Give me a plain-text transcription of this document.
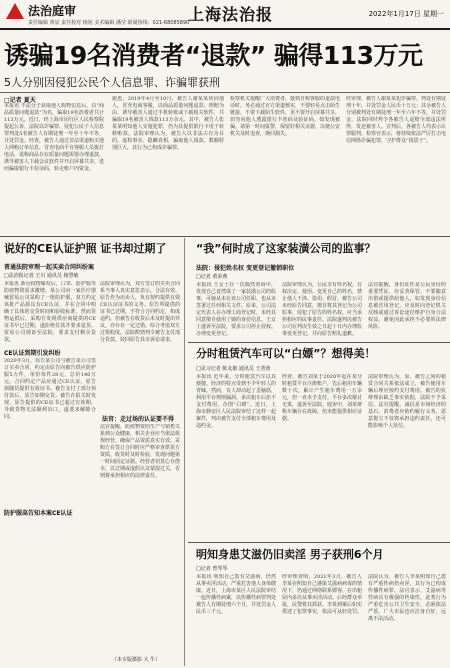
法治庭审
责任编辑 黄辰 责任校对 杨旭 美术编辑 潘莹 新闻热线：021-68085890
上海法治报	2022年1月17日 星期一
诱骗19名消费者“退款” 骗得113万元
5人分别因侵犯公民个人信息罪、诈骗罪获刑
□记者 夏天
本报讯 不法分子获取他人购物信息后，以“商品质量问题退款”为名，骗取19名消费者共计113万元。近日，经上海市闵行区人民检察院提起公诉，法院以诈骗罪、侵犯公民个人信息罪判处5名被告人有期徒刑一年至十年不等，并处罚金。经查，被告人通过非法渠道购买他人网购订单信息，冒充电商平台客服人员拨打电话，谎称商品存在质量问题需要办理退款，诱导被害人下载会议软件并开启屏幕共享，进而骗取银行卡验证码，转走账户内资金。
据悉，2019年4月至10月，被告人谢某某伙同他人，冒充电商客服，以商品质量问题退款、理赔为由，诱导被害人通过手机转账或下载相关软件，共骗取19名被害人钱款113万余元。其中，被告人张某某明知他人实施犯罪，仍为其提供银行卡用于转移赃款。法院审理认为，被告人以非法占有为目的，虚构事实、隐瞒真相，骗取他人钱款，数额特别巨大，其行为已构成诈骗罪。
检察机关提醒广大消费者，接到自称客服的退款电话时，务必通过官方渠道核实，不要轻易点击陌生链接，不要下载陌生软件，更不要开启屏幕共享，切勿向他人透露银行卡密码及验证码。如发现被骗，请第一时间报警，保留好相关证据，以便公安机关及时追查，挽回损失。
经审理，被告人谢某某犯诈骗罪，判处有期徒刑十年，并处罚金人民币十万元；其余被告人分别被判处有期徒刑一年至六年不等，并处罚金。法院同时判令各被告人退赔全部违法所得，发还被害人。宣判后，各被告人均表示认罪服判。检察官表示，将持续依法严厉打击电信网络诈骗犯罪，守护群众“钱袋子”。
说好的CE认证护照 证书却过期了
普通法院审理一起买卖合同纠纷案
□法治报记者 王川 通讯员 杨慧敏
本报讯 新冠疫情爆发后，口罩、防护服等防疫物资需求激增。某公司向一家医疗器械贸易公司采购了一批防护服，双方约定该批产品须具有CE认证，并在合同中明确了具体的交货时间和验收标准。然而货物运抵后，采购方发现供应商提供的CE证书早已过期，遂拒绝付款并要求退货。贸易公司则诉至法院，要求支付剩余货款。
CE认证到期引发纠纷
2020年3月，原告某公司与被告某公司签订买卖合同，约定由原告向被告供应防护服5万件，单价每件28元，总价140万元。合同约定产品应通过CE认证，原告须随货提供有效证书。被告支付了部分预付款后，原告如期交货。被告在报关时发现，原告提供的CE证书已超过有效期，导致货物无法顺利出口，遂要求解除合同。
防护服高告知本案CE认证
法院审理认为，双方签订的买卖合同系当事人真实意思表示，合法有效。原告作为出卖人，负有按约提供有效CE认证证书的义务。原告所提供的证书已过期，不符合合同约定，构成违约。但被告在收货后未及时提出异议，亦存在一定过错。综合考虑双方过错程度，法院酌情判令被告支付部分货款，驳回原告其余诉讼请求。
法官：走过场的认证要不得
法官提醒，防疫物资的生产与销售关系到公众健康，相关企业应当依法依规经营，确保产品资质真实有效。采购方在签订合同时应严格审查供货方资质，收货时及时检验，发现问题第一时间固定证据。经营者切莫心存侥幸，以过期或虚假认证蒙混过关，否则将承担相应的法律责任。
（本专版摄影 大 牛）
“我”何时成了这家装潢公司的监事？
法院：侵犯姓名权 变更登记撤销职位
□记者 黄荣燕
本报讯 王女士在一次偶然查询中，发现自己竟然成了一家装潢公司的监事，可她从未在该公司任职，也从未签署过任何相关文件。原来，公司法定代表人在办理工商登记时，未经其同意擅自使用了她的身份信息。王女士遂诉至法院，要求公司停止侵权、办理变更登记。
法院审理认为，公民享有姓名权，有权决定、使用、变更自己的姓名，禁止他人干涉、盗用、假冒。被告公司未经原告同意，擅自将其登记为公司监事，侵犯了原告的姓名权，应当承担相应的民事责任。法院遂判决被告公司在判决生效之日起十日内办理监事变更登记，并向原告赔礼道歉。
法官提醒，身份证件是公民身份的重要凭证，应妥善保管，不要随意出借或提供给他人。如发现身份信息被冒用登记，应及时向登记机关反映或通过诉讼途径维护自身合法权益，避免因此承担不必要的法律风险。
分时租赁汽车可以“白嫖”？想得美！
□见习记者 陈友敏 通讯员 王善蓉
本报讯 近年来，分时租赁汽车以其便捷、经济的特点受到不少年轻人的青睐。然而，有人却动起了歪脑筋，利用平台规则漏洞，多次租车后拒不支付费用，企图“白嫖”。近日，上海市静安区人民法院审结了这样一起案件，判决被告支付全部租车费用及违约金。
经查，被告刘某于2020年起在某分时租赁平台注册账户，先后租用车辆数十次，累计产生租车费用一万余元，但一直未予支付。平台多次催讨无果，遂诉至法院。庭审中，刘某辩称车辆存在故障，但未能提供相应证据。
法院审理认为，原、被告之间的租赁合同关系依法成立，被告使用车辆后理应按约支付费用。被告的抗辩理由缺乏事实依据，法院不予采信。法官提醒，诚信是市场经济的基石，消费者应依约履行义务，恶意拖欠不仅将承担违约责任，还可能影响个人征信。
明知身患艾滋仍旧卖淫 男子获刑6个月
□记者 曾琴琴
本报讯 明知自己患有艾滋病，仍然从事卖淫活动，严重危害他人身体健康。近日，上海市某区人民法院审结一起传播性病案，以传播性病罪判处被告人有期徒刑六个月，并处罚金人民币三千元。
经审理查明，2021年3月，被告人李某在明知自己感染艾滋病病毒的情况下，仍通过网络联系嫖客，在出租屋内多次从事卖淫活动。后经群众举报，民警将其抓获。李某到案后如实供述了犯罪事实，依法可从轻处罚。
法院认为，被告人李某明知自己患有严重性病仍卖淫，其行为已构成传播性病罪。法官表示，艾滋病等性病具有极强的传染性，此类行为严重危害公共卫生安全，必须依法严惩。广大市民也应洁身自好，远离不法活动。
